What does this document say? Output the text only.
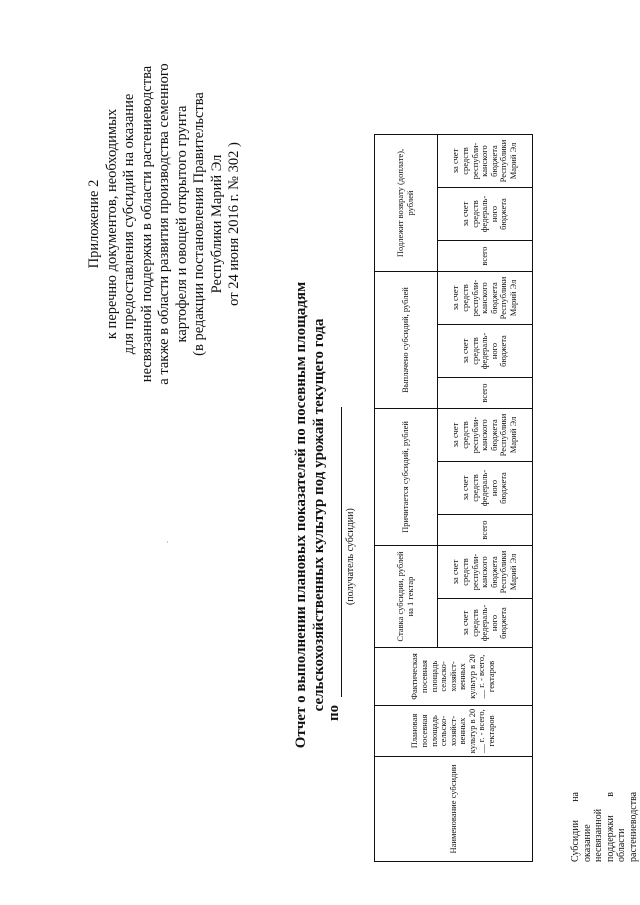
Приложение 2 к перечню документов, необходимых для предоставления субсидий на оказание несвязанной поддержки в области растениеводства а также в области развития производства семенного картофеля и овощей открытого грунта (в редакции постановления Правительства Республики Марий Эл от 24 июня 2016 г. № 302 )
.	Отчет о выполнении плановых показателей по посевным площадям сельскохозяйственных культур под урожай текущего года
по
(получатель субсидии)
Наименование субсидии	Плановая посевная площадь сельско-хозяйст-венных культур в 20 __ г. - всего, гектаров	Фактическая посевная площадь сельско-хозяйст-венных культур в 20 __ г. - всего, гектаров	Ставка субсидии, рублей на 1 гектар		Причитается субсидий, рублей			Выплачено субсидий, рублей			Подлежит возврату (доплате), рублей		
			за счет средств федераль-ного бюджета	за счет средств республи-канского бюджета Республики Марий Эл	всего	за счет средств федераль-ного бюджета	за счет средств республи-канского бюджета Республики Марий Эл	всего	за счет средств федераль-ного бюджета	за счет средств республи-канского бюджета Республики Марий Эл	всего	за счет средств федераль-ного бюджета	за счет средств республи-канского бюджета Республики Марий Эл
Субсидии
на
оказание несвязанной поддержки
в
области растениеводства
